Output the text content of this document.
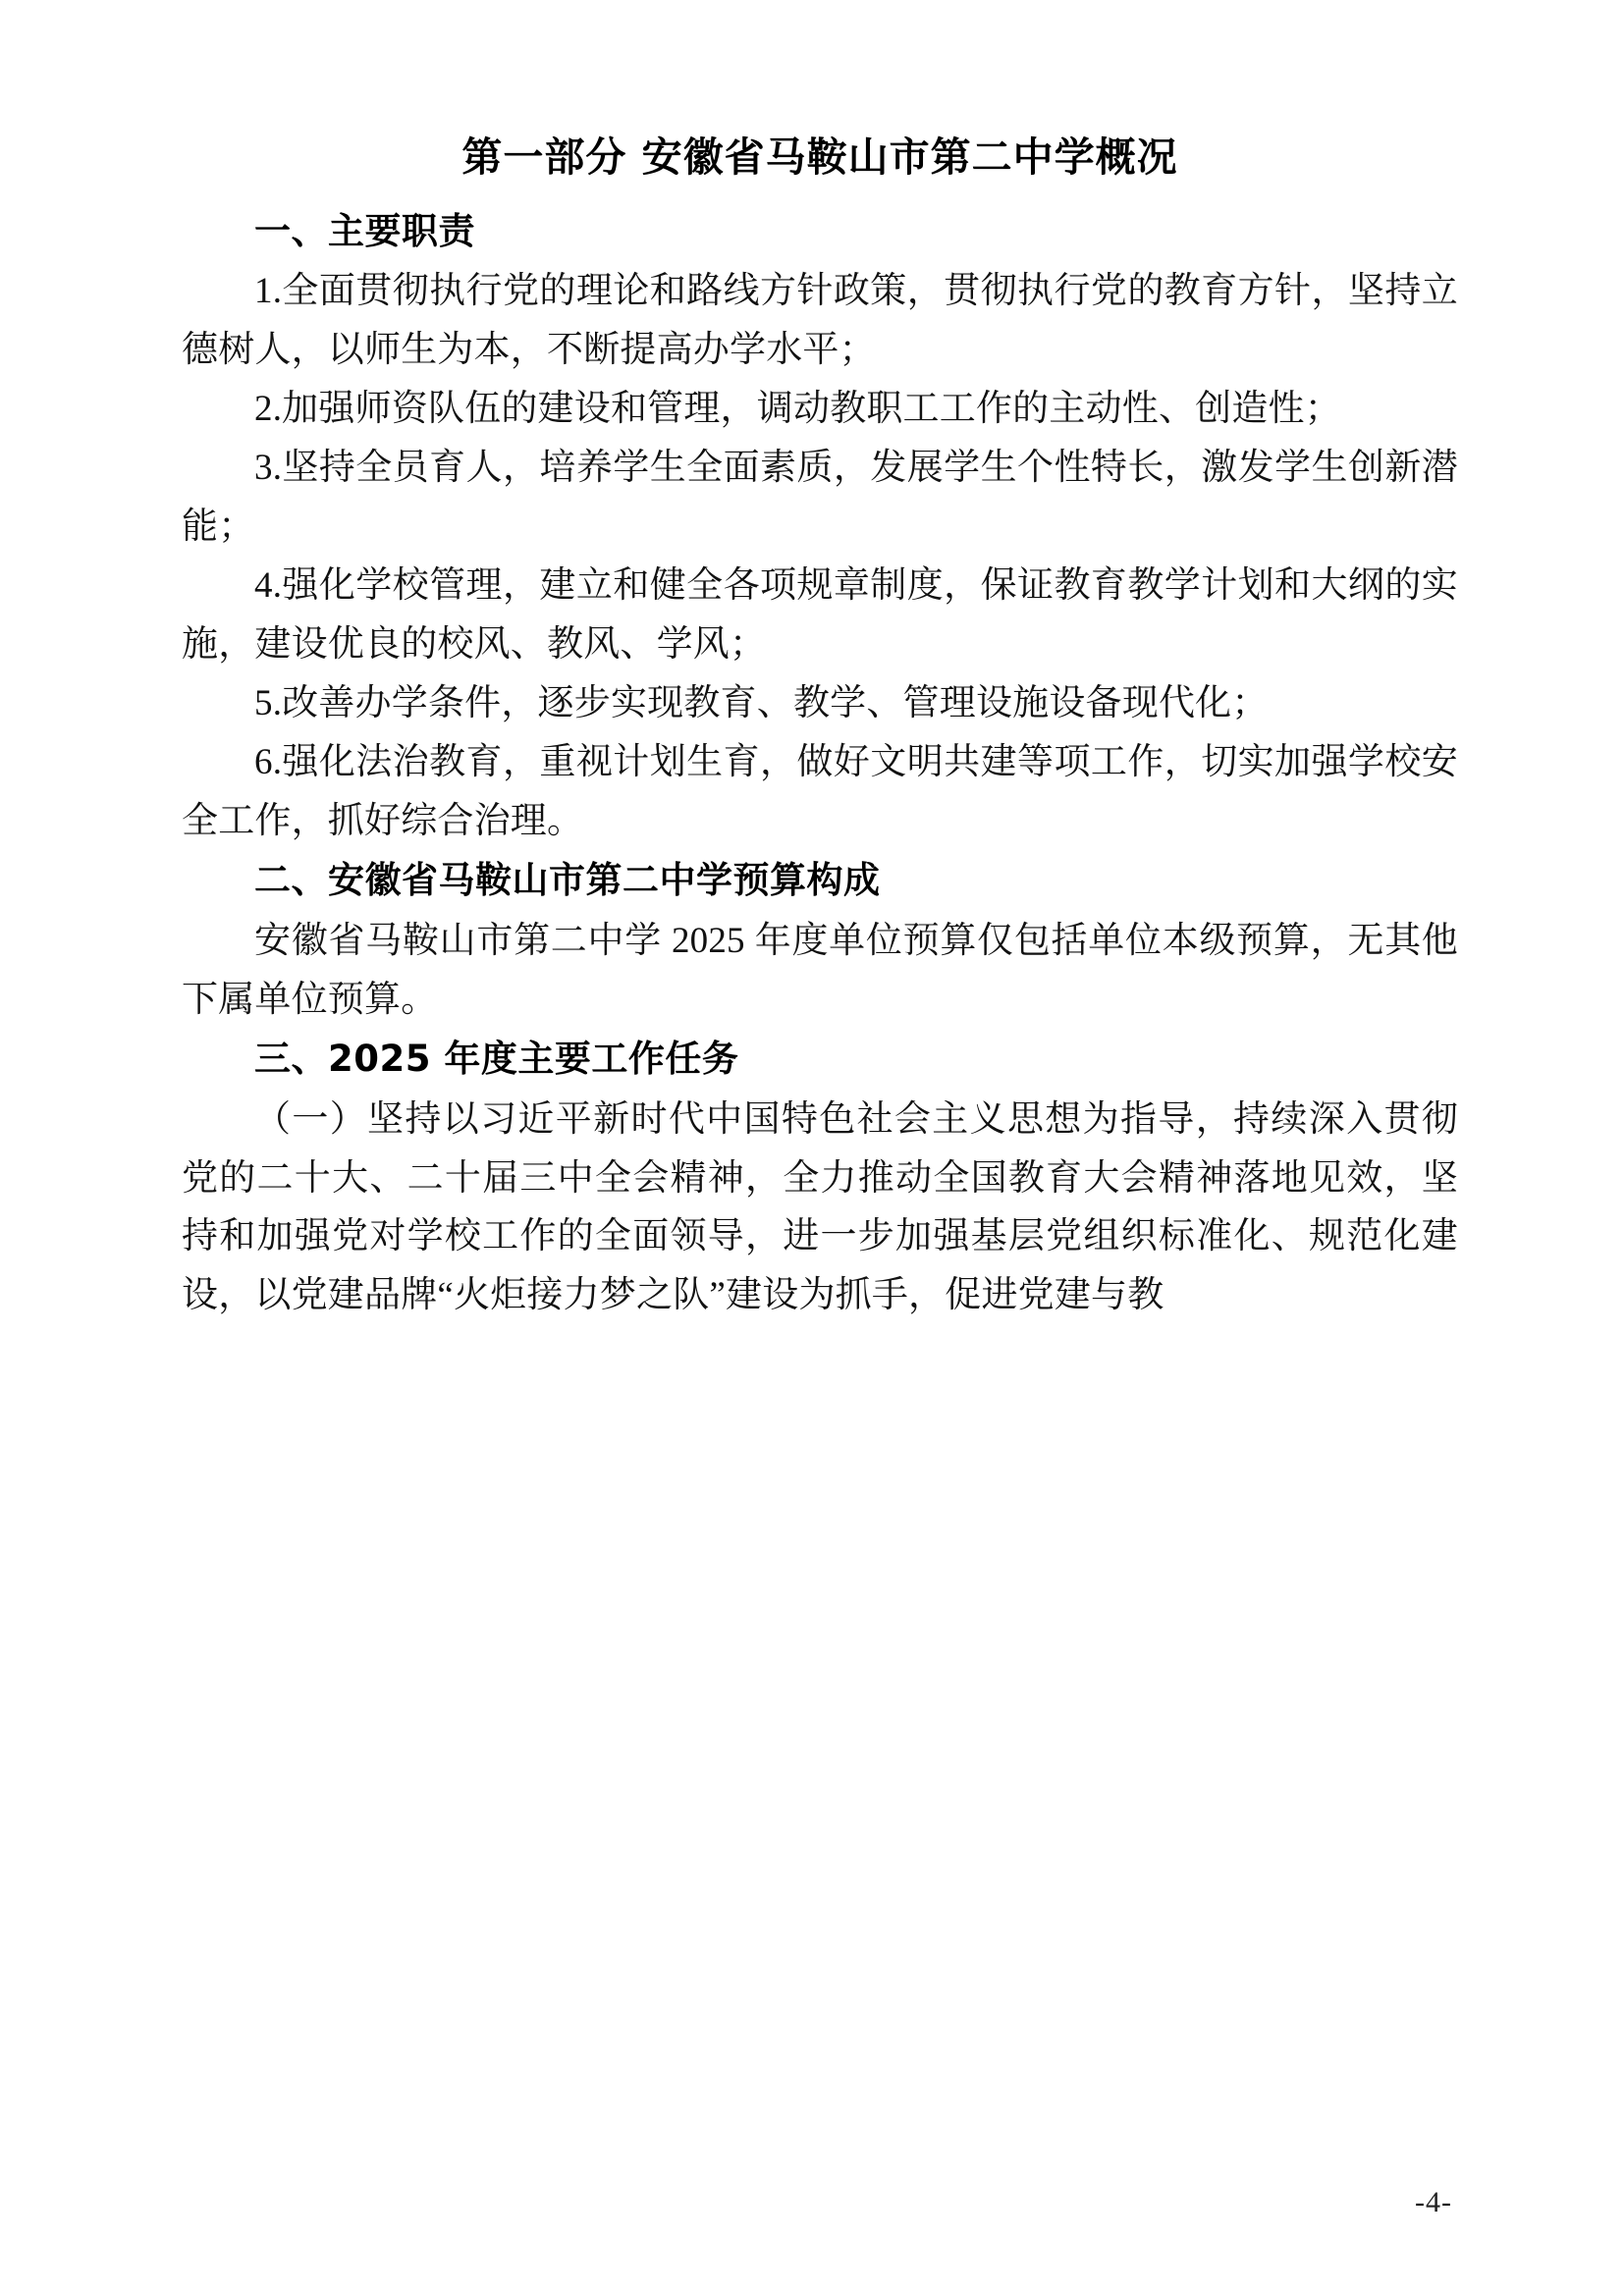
第一部分 安徽省马鞍山市第二中学概况
一、主要职责

1.全面贯彻执行党的理论和路线方针政策，贯彻执行党的教育方针，坚持立德树人，以师生为本，不断提高办学水平；

2.加强师资队伍的建设和管理，调动教职工工作的主动性、创造性；

3.坚持全员育人，培养学生全面素质，发展学生个性特长，激发学生创新潜能；

4.强化学校管理，建立和健全各项规章制度，保证教育教学计划和大纲的实施，建设优良的校风、教风、学风；

5.改善办学条件，逐步实现教育、教学、管理设施设备现代化；

6.强化法治教育，重视计划生育，做好文明共建等项工作，切实加强学校安全工作，抓好综合治理。

二、安徽省马鞍山市第二中学预算构成

安徽省马鞍山市第二中学 2025 年度单位预算仅包括单位本级预算，无其他下属单位预算。

三、2025 年度主要工作任务

（一）坚持以习近平新时代中国特色社会主义思想为指导，持续深入贯彻党的二十大、二十届三中全会精神，全力推动全国教育大会精神落地见效，坚持和加强党对学校工作的全面领导，进一步加强基层党组织标准化、规范化建设，以党建品牌“火炬接力梦之队”建设为抓手，促进党建与教

-4-
